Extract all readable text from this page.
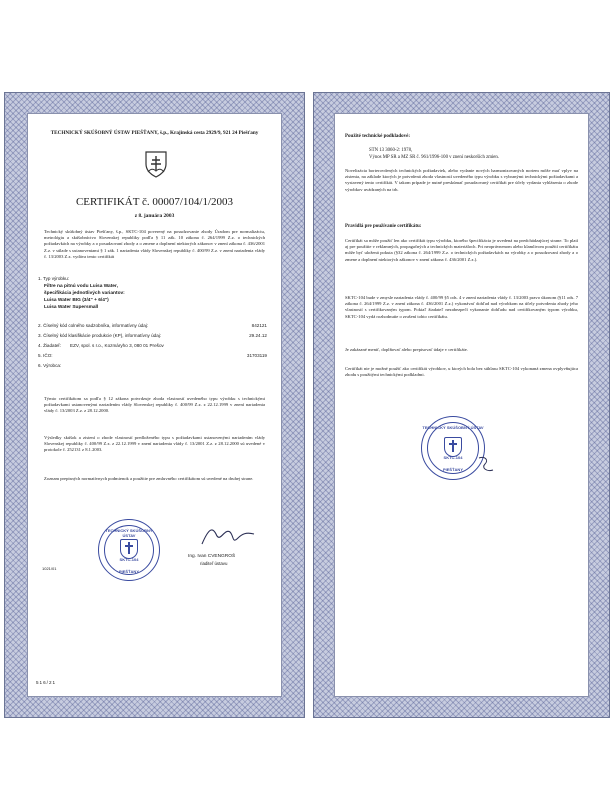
TECHNICKÝ SKÚŠOBNÝ ÚSTAV PIEŠŤANY, š.p., Krajinská cesta 2929/9, 921 24 Piešťany
CERTIFIKÁT č. 00007/104/1/2003
z 8. januára 2003
Technický skúšobný ústav Piešťany, š.p., SKTC-104 poverený na posudzovanie zhody Úradom pre normalizáciu, metrológiu a skúšobníctvo Slovenskej republiky podľa § 11 zák. 10 zákona č. 264/1999 Z.z. o technických požiadavkách na výrobky a o posudzovaní zhody a o zmene a doplnení niektorých zákonov v znení zákona č. 436/2001 Z.z. v súlade s ustanoveniami § 1 zák. 1 nariadenia vlády Slovenskej republiky č. 400/99 Z.z. v znení nariadenia vlády č. 13/2003 Z.z. vydáva tento certifikát
1. Typ výrobku:
Filtre na pitnú vodu Luisa Water,
špecifikácia jednotlivých variantov:
Luisa Water BIG (3/4" + 6/4")
Luisa Water Supersmall
2. Číselný kód colného sadzobníka, informatívny údaj:	842121
3. Číselný kód klasifikácie produkcie (KP), informatívny údaj:	29.24.12
4. Žiadateľ: EZV, spol. s r.o., Kozmáryho 3, 080 01 Prešov
5. IČO:	31703119
6. Výrobca:
Týmto certifikátom sa podľa § 12 zákona potvrdzuje zhoda vlastností uvedeného typu výrobku s technickými požiadavkami ustanovenými nariadením vlády Slovenskej republiky č. 400/99 Z.z. z 22.12.1999 v znení nariadenia vlády č. 13/2003 Z.z. z 28.12.2000.
Výsledky skúšok a zistení o zhode vlastností predloženého typu s požiadavkami ustanovenými nariadením vlády Slovenskej republiky č. 400/99 Z.z. z 22.12.1999 v znení nariadenia vlády č. 13/2001 Z.z. z 28.12.2000 sú uvedené v protokole č. 252131 z 8.1.2003.
Zoznam prepisných normatívnych podmienok a použitie pre zmluvného certifikátom sú uvedené na druhej strane.
TECHNICKÝ SKÚŠOBNÝ ÚSTAV
SKTC-104
PIEŠŤANY
1021/01
Ing. Ivan CVENGROŠ
riaditeľ ústavu
516/21
Použité technické podkladové:
STN 13 3060-2: 1978,
Výnos MP SR a MZ SR č. 961/1996-100 v znení neskorších zmien.
Novelizácia borterovdených technických požiadaviek, alebo vydanie nových harmonizovaných noriem môže mať vplyv na zistenia, na základe ktorých je potvrdená zhoda vlastností uvedeného typu výrobku s vybranými technickými požiadavkami a vystavený tento certifikát. V takom prípade je nutné preskúmať posudzovaný certifikát pre účely vydania vyhlásenia o zhode výrobkov uvádzaných na trh.
Pravidlá pre používanie certifikátu:
Certifikát sa môže použiť len ako certifikát typu výrobku, ktorého špecifikácia je uvedená na predchádzajúcej strane. To platí aj pre použitie v reklamných, propagačných a technických materiáloch. Pri neoprávnenom alebo klamlivom použití certifikátu môže byť uložená pokuta (§32 zákona č. 264/1999 Z.z. o technických požiadavkách na výrobky a o posudzovaní zhody a o zmene a doplnení niektorých zákonov v znení zákona č. 436/2001 Z.z.).
SKTC-104 bude v zmysle nariadenia vlády č. 400/99 §5 ods. 4 v znení nariadenia vlády č. 13/2003 pravo úkonom (§11 ods. 7 zákona č. 264/1999 Z.z. v znení zákona č. 436/2001 Z.z.) vykonávať dohľad nad výrobkom na účely potvrdenia zhody jeho vlastností s certifikovaným typom. Pokiaľ žiadateľ nezabezpečí vykonanie dohľadu nad certifikovaným typom výrobku, SKTC-104 vydá rozhodnutie o zrušení tohto certifikátu.
Je zakázané meniť, doplňovať alebo prepisovať údaje v certifikáte.
Certifikát nie je možné použiť ako certifikát výrobkov, u ktorých bola bez súhlasu SKTC-104 vykonaná zmena ovplyvňujúca zhodu s použitými technickými podkladmi.
TECHNICKÝ SKÚŠOBNÝ ÚSTAV
SKTC-104
PIEŠŤANY
